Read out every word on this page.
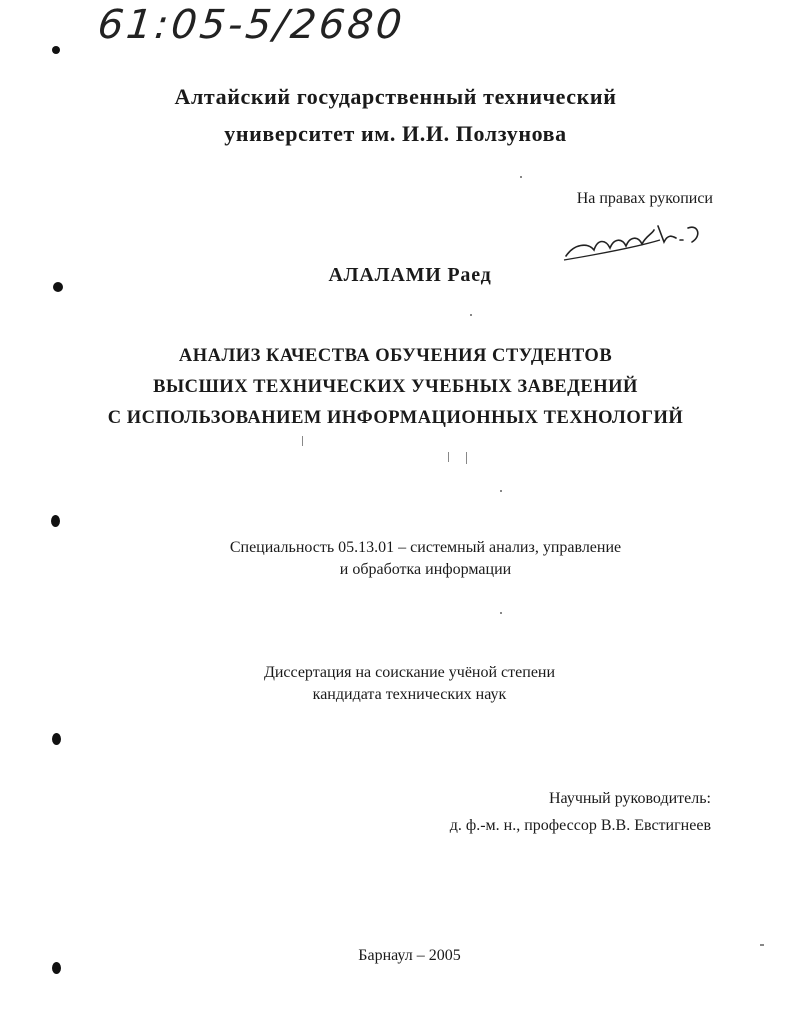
61:05-5/2680
Алтайский государственный технический
университет им. И.И. Ползунова
На правах рукописи
АЛАЛАМИ Раед
АНАЛИЗ КАЧЕСТВА ОБУЧЕНИЯ СТУДЕНТОВ
ВЫСШИХ ТЕХНИЧЕСКИХ УЧЕБНЫХ ЗАВЕДЕНИЙ
С ИСПОЛЬЗОВАНИЕМ ИНФОРМАЦИОННЫХ ТЕХНОЛОГИЙ
Специальность 05.13.01 – системный анализ, управление
и обработка информации
Диссертация на соискание учёной степени
кандидата технических наук
Научный руководитель:
д. ф.-м. н., профессор В.В. Евстигнеев
Барнаул – 2005
